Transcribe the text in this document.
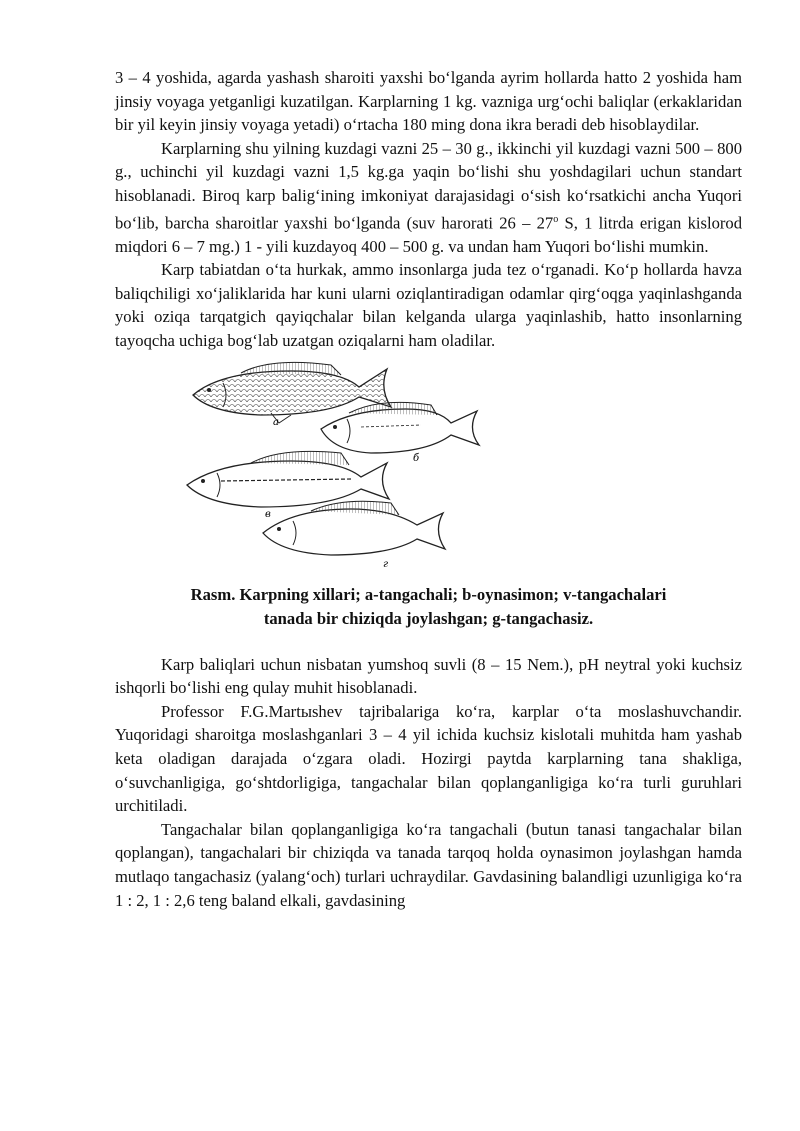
3 – 4 yoshida, agarda yashash sharoiti yaxshi boʻlganda ayrim hollarda hatto 2 yoshida ham jinsiy voyaga yetganligi kuzatilgan. Karplarning 1 kg. vazniga urgʻochi baliqlar (erkaklaridan bir yil keyin jinsiy voyaga yetadi) oʻrtacha 180 ming dona ikra beradi deb hisoblaydilar.

Karplarning shu yilning kuzdagi vazni 25 – 30 g., ikkinchi yil kuzdagi vazni 500 – 800 g., uchinchi yil kuzdagi vazni 1,5 kg.ga yaqin boʻlishi shu yoshdagilari uchun standart hisoblanadi. Biroq karp baligʻining imkoniyat darajasidagi oʻsish koʻrsatkichi ancha Yuqori boʻlib, barcha sharoitlar yaxshi boʻlganda (suv harorati 26 – 27$^o$ S, 1 litrda erigan kislorod miqdori 6 – 7 mg.) 1 - yili kuzdayoq 400 – 500 g. va undan ham Yuqori boʻlishi mumkin.

Karp tabiatdan oʻta hurkak, ammo insonlarga juda tez oʻrganadi. Koʻp hollarda havza baliqchiligi xoʻjaliklarida har kuni ularni oziqlantiradigan odamlar qirgʻoqga yaqinlashganda yoki oziqa tarqatgich qayiqchalar bilan kelganda ularga yaqinlashib, hatto insonlarning tayoqcha uchiga bogʻlab uzatgan oziqalarni ham oladilar.

a
б
в
г
Rasm. Karpning xillari; a-tangachali; b-oynasimon; v-tangachalari
tanada bir chiziqda joylashgan; g-tangachasiz.

Karp baliqlari uchun nisbatan yumshoq suvli (8 – 15 Nem.), pH neytral yoki kuchsiz ishqorli boʻlishi eng qulay muhit hisoblanadi.

Professor F.G.Martыshev tajribalariga koʻra, karplar oʻta moslashuvchandir. Yuqoridagi sharoitga moslashganlari 3 – 4 yil ichida kuchsiz kislotali muhitda ham yashab keta oladigan darajada oʻzgara oladi. Hozirgi paytda karplarning tana shakliga, oʻsuvchanligiga, goʻshtdorligiga, tangachalar bilan qoplanganligiga koʻra turli guruhlari urchitiladi.

Tangachalar bilan qoplanganligiga koʻra tangachali (butun tanasi tangachalar bilan qoplangan), tangachalari bir chiziqda va tanada tarqoq holda oynasimon joylashgan hamda mutlaqo tangachasiz (yalangʻoch) turlari uchraydilar. Gavdasining balandligi uzunligiga koʻra 1 : 2, 1 : 2,6 teng baland elkali, gavdasining
